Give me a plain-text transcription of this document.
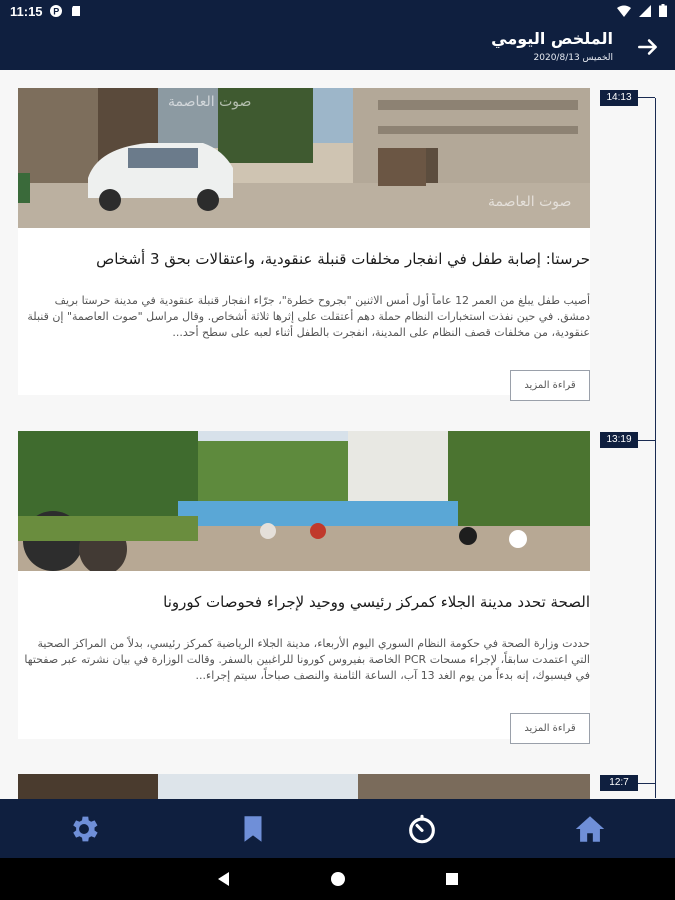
11:15 P
الملخص اليومي
الخميس 2020/8/13
صوت العاصمة
صوت العاصمة
حرستا: إصابة طفل في انفجار مخلفات قنبلة عنقودية، واعتقالات بحق 3 أشخاص
أصيب طفل يبلغ من العمر 12 عاماً أول أمس الاثنين "بجروح خطرة"، جرّاء انفجار قنبلة عنقودية في مدينة حرستا بريف دمشق. في حين نفذت استخبارات النظام حملة دهم أعتقلت على إثرها ثلاثة أشخاص. وقال مراسل "صوت العاصمة" إن قنبلة عنقودية، من مخلفات قصف النظام على المدينة، انفجرت بالطفل أثناء لعبه على سطح أحد...
قراءة المزيد
14:13
الصحة تحدد مدينة الجلاء كمركز رئيسي ووحيد لإجراء فحوصات كورونا
حددت وزارة الصحة في حكومة النظام السوري اليوم الأربعاء، مدينة الجلاء الرياضية كمركز رئيسي، بدلاً من المراكز الصحية التي اعتمدت سابقاً، لإجراء مسحات PCR الخاصة بفيروس كورونا للراغبين بالسفر. وقالت الوزارة في بيان نشرته عبر صفحتها في فيسبوك، إنه بدءاً من يوم الغد 13 آب، الساعة الثامنة والنصف صباحاً، سيتم إجراء...
قراءة المزيد
13:19
12:7
